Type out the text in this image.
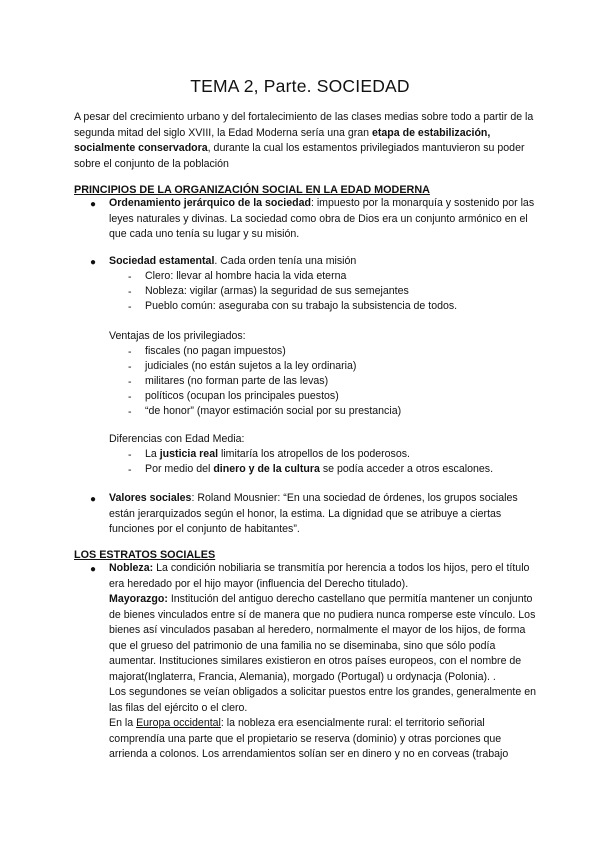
TEMA 2, Parte. SOCIEDAD
A pesar del crecimiento urbano y del fortalecimiento de las clases medias sobre todo a partir de la segunda mitad del siglo XVIII, la Edad Moderna sería una gran etapa de estabilización, socialmente conservadora, durante la cual los estamentos privilegiados mantuvieron su poder sobre el conjunto de la población
PRINCIPIOS DE LA ORGANIZACIÓN SOCIAL EN LA EDAD MODERNA
● Ordenamiento jerárquico de la sociedad: impuesto por la monarquía y sostenido por las leyes naturales y divinas. La sociedad como obra de Dios era un conjunto armónico en el que cada uno tenía su lugar y su misión.
● Sociedad estamental. Cada orden tenía una misión
- Clero: llevar al hombre hacia la vida eterna
- Nobleza: vigilar (armas) la seguridad de sus semejantes
- Pueblo común: aseguraba con su trabajo la subsistencia de todos.
Ventajas de los privilegiados:
- fiscales (no pagan impuestos)
- judiciales (no están sujetos a la ley ordinaria)
- militares (no forman parte de las levas)
- políticos (ocupan los principales puestos)
- “de honor” (mayor estimación social por su prestancia)
Diferencias con Edad Media:
- La justicia real limitaría los atropellos de los poderosos.
- Por medio del dinero y de la cultura se podía acceder a otros escalones.
● Valores sociales: Roland Mousnier: “En una sociedad de órdenes, los grupos sociales están jerarquizados según el honor, la estima. La dignidad que se atribuye a ciertas funciones por el conjunto de habitantes”.
LOS ESTRATOS SOCIALES
● Nobleza: La condición nobiliaria se transmitía por herencia a todos los hijos, pero el título era heredado por el hijo mayor (influencia del Derecho titulado).
Mayorazgo: Institución del antiguo derecho castellano que permitía mantener un conjunto de bienes vinculados entre sí de manera que no pudiera nunca romperse este vínculo. Los bienes así vinculados pasaban al heredero, normalmente el mayor de los hijos, de forma que el grueso del patrimonio de una familia no se diseminaba, sino que sólo podía aumentar. Instituciones similares existieron en otros países europeos, con el nombre de majorat(Inglaterra, Francia, Alemania), morgado (Portugal) u ordynacja (Polonia). .
Los segundones se veían obligados a solicitar puestos entre los grandes, generalmente en las filas del ejército o el clero.
En la Europa occidental: la nobleza era esencialmente rural: el territorio señorial comprendía una parte que el propietario se reserva (dominio) y otras porciones que arrienda a colonos. Los arrendamientos solían ser en dinero y no en corveas (trabajo
